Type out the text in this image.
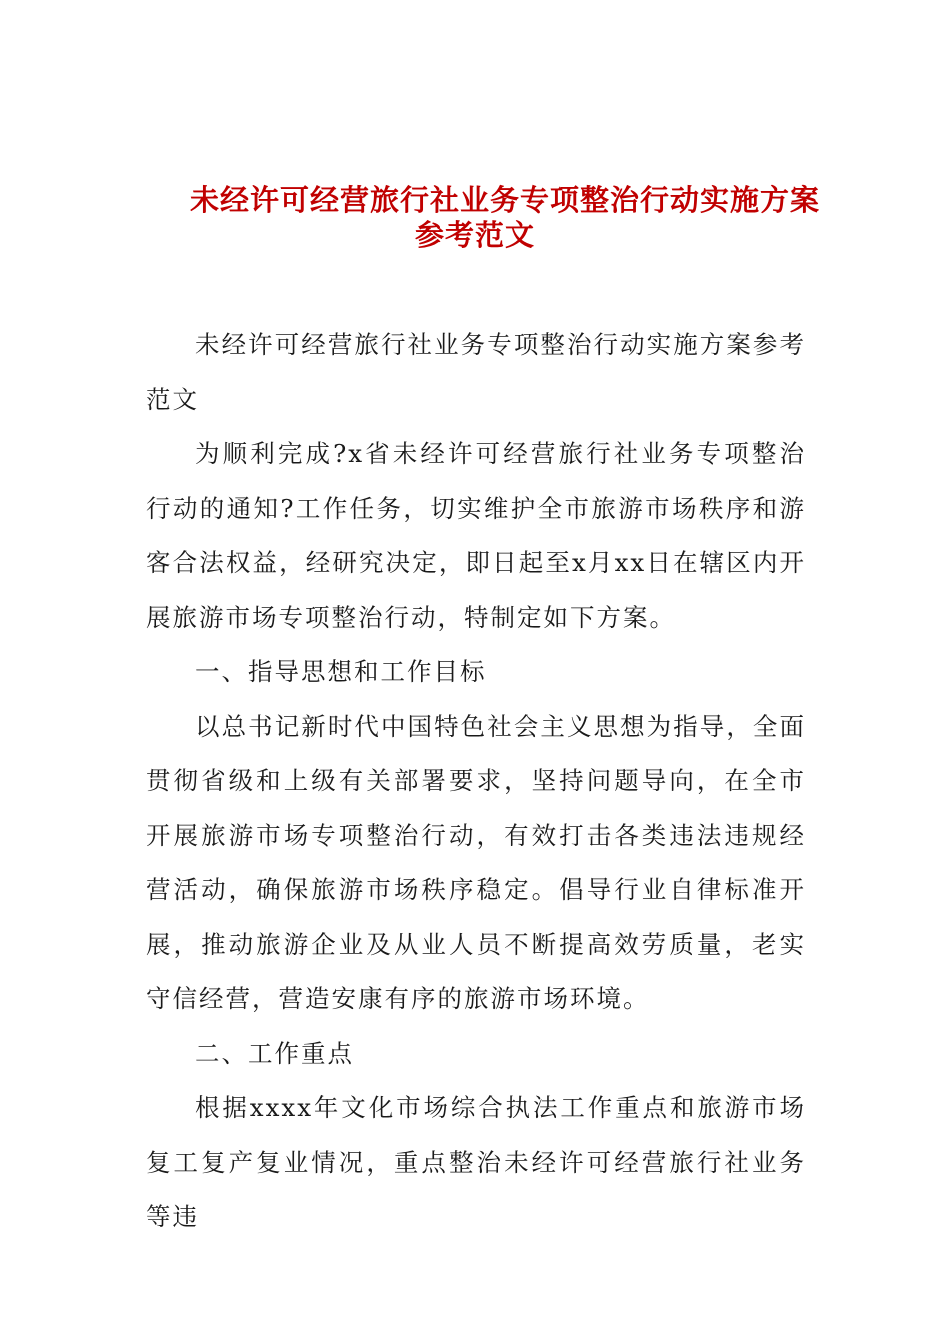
未经许可经营旅行社业务专项整治行动实施方案
参考范文

未经许可经营旅行社业务专项整治行动实施方案参考范文

为顺利完成?x省未经许可经营旅行社业务专项整治行动的通知?工作任务，切实维护全市旅游市场秩序和游客合法权益，经研究决定，即日起至x月xx日在辖区内开展旅游市场专项整治行动，特制定如下方案。

一、指导思想和工作目标

以总书记新时代中国特色社会主义思想为指导，全面贯彻省级和上级有关部署要求，坚持问题导向，在全市开展旅游市场专项整治行动，有效打击各类违法违规经营活动，确保旅游市场秩序稳定。倡导行业自律标准开展，推动旅游企业及从业人员不断提高效劳质量，老实守信经营，营造安康有序的旅游市场环境。

二、工作重点

根据xxxx年文化市场综合执法工作重点和旅游市场复工复产复业情况，重点整治未经许可经营旅行社业务等违
